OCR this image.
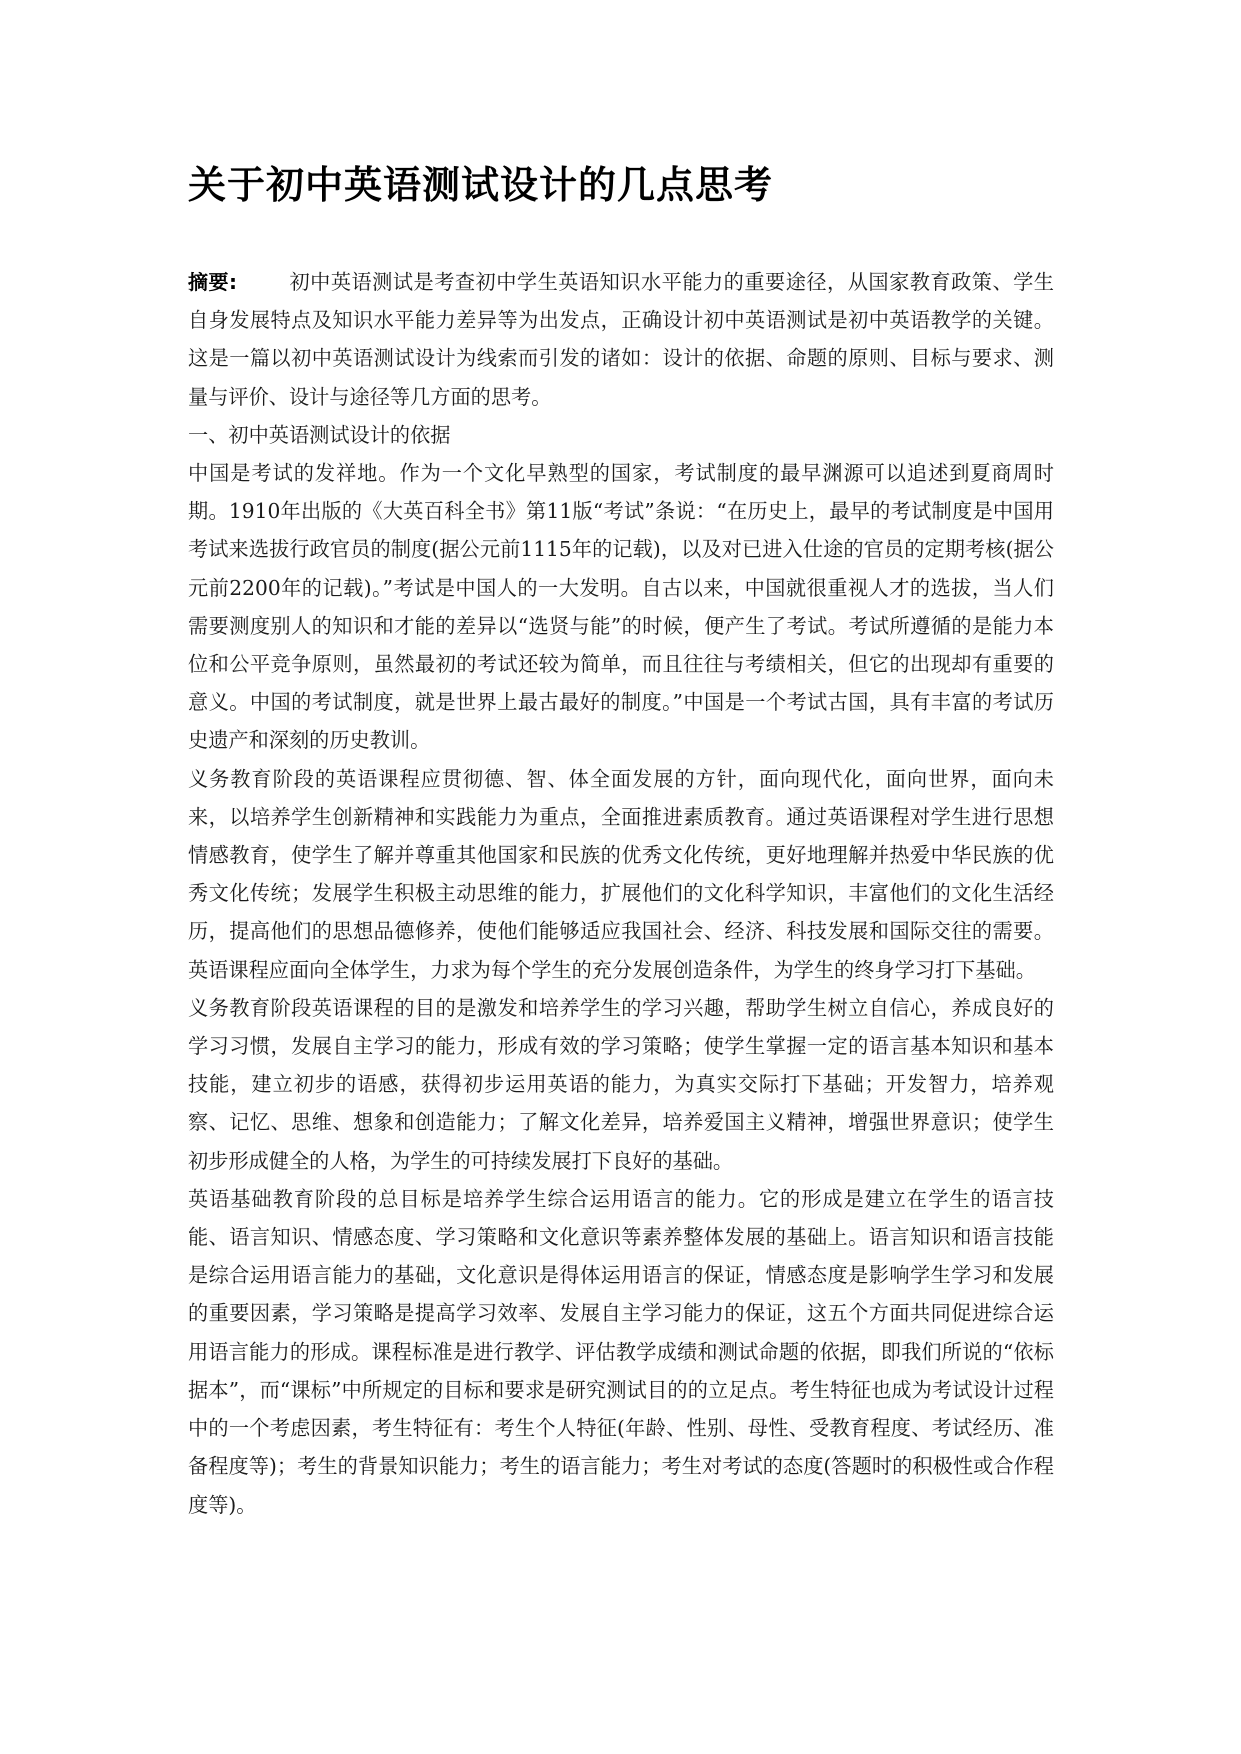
关于初中英语测试设计的几点思考

摘要:	初中英语测试是考查初中学生英语知识水平能力的重要途径，从国家教育政策、学生自身发展特点及知识水平能力差异等为出发点，正确设计初中英语测试是初中英语教学的关键。这是一篇以初中英语测试设计为线索而引发的诸如：设计的依据、命题的原则、目标与要求、测量与评价、设计与途径等几方面的思考。

一、初中英语测试设计的依据

中国是考试的发祥地。作为一个文化早熟型的国家，考试制度的最早渊源可以追述到夏商周时期。1910年出版的《大英百科全书》第11版“考试”条说：“在历史上，最早的考试制度是中国用考试来选拔行政官员的制度(据公元前1115年的记载)，以及对已进入仕途的官员的定期考核(据公元前2200年的记载)。”考试是中国人的一大发明。自古以来，中国就很重视人才的选拔，当人们需要测度别人的知识和才能的差异以“选贤与能”的时候，便产生了考试。考试所遵循的是能力本位和公平竞争原则，虽然最初的考试还较为简单，而且往往与考绩相关，但它的出现却有重要的意义。中国的考试制度，就是世界上最古最好的制度。”中国是一个考试古国，具有丰富的考试历史遗产和深刻的历史教训。

义务教育阶段的英语课程应贯彻德、智、体全面发展的方针，面向现代化，面向世界，面向未来，以培养学生创新精神和实践能力为重点，全面推进素质教育。通过英语课程对学生进行思想情感教育，使学生了解并尊重其他国家和民族的优秀文化传统，更好地理解并热爱中华民族的优秀文化传统；发展学生积极主动思维的能力，扩展他们的文化科学知识，丰富他们的文化生活经历，提高他们的思想品德修养，使他们能够适应我国社会、经济、科技发展和国际交往的需要。英语课程应面向全体学生，力求为每个学生的充分发展创造条件，为学生的终身学习打下基础。

义务教育阶段英语课程的目的是激发和培养学生的学习兴趣，帮助学生树立自信心，养成良好的学习习惯，发展自主学习的能力，形成有效的学习策略；使学生掌握一定的语言基本知识和基本技能，建立初步的语感，获得初步运用英语的能力，为真实交际打下基础；开发智力，培养观察、记忆、思维、想象和创造能力；了解文化差异，培养爱国主义精神，增强世界意识；使学生初步形成健全的人格，为学生的可持续发展打下良好的基础。

英语基础教育阶段的总目标是培养学生综合运用语言的能力。它的形成是建立在学生的语言技能、语言知识、情感态度、学习策略和文化意识等素养整体发展的基础上。语言知识和语言技能是综合运用语言能力的基础，文化意识是得体运用语言的保证，情感态度是影响学生学习和发展的重要因素，学习策略是提高学习效率、发展自主学习能力的保证，这五个方面共同促进综合运用语言能力的形成。课程标准是进行教学、评估教学成绩和测试命题的依据，即我们所说的“依标据本”，而“课标”中所规定的目标和要求是研究测试目的的立足点。考生特征也成为考试设计过程中的一个考虑因素，考生特征有：考生个人特征(年龄、性别、母性、受教育程度、考试经历、准备程度等)；考生的背景知识能力；考生的语言能力；考生对考试的态度(答题时的积极性或合作程度等)。
